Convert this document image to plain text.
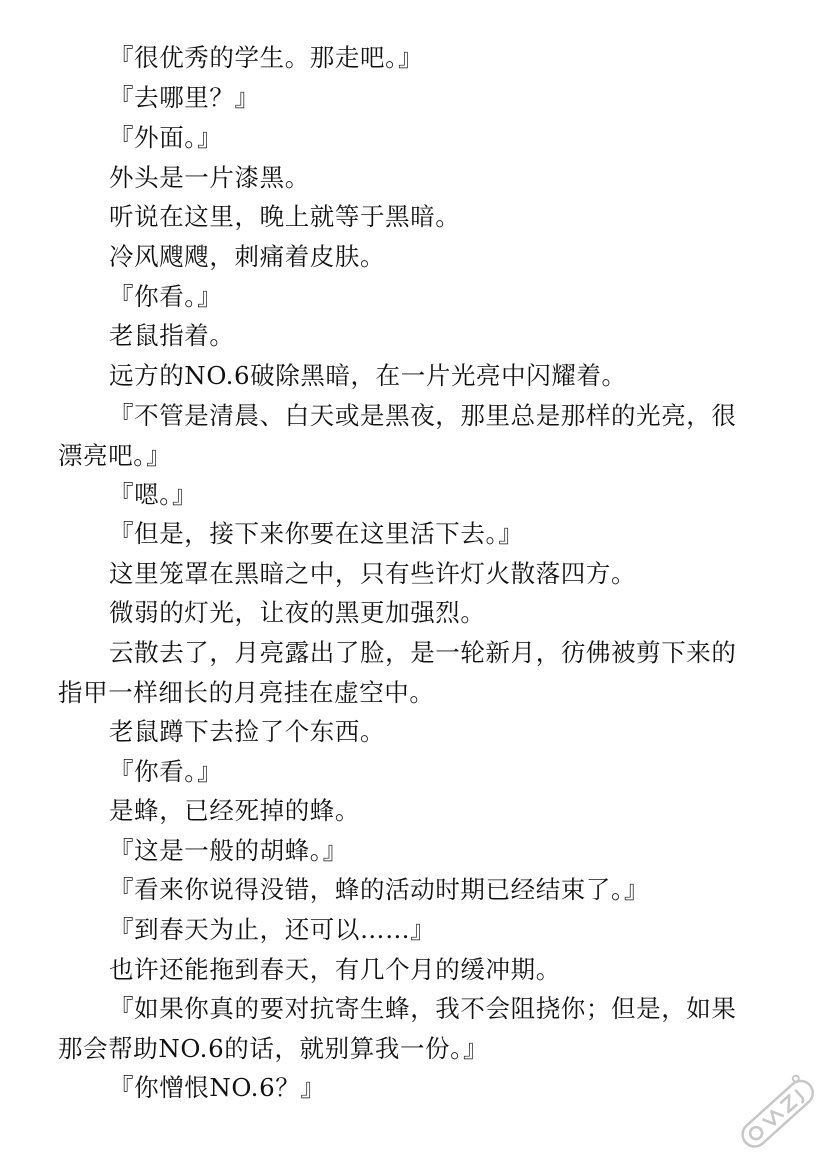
『很优秀的学生。那走吧。』

『去哪里？』

『外面。』

外头是一片漆黑。

听说在这里，晚上就等于黑暗。

冷风飕飕，刺痛着皮肤。

『你看。』

老鼠指着。

远方的NO.6破除黑暗，在一片光亮中闪耀着。

『不管是清晨、白天或是黑夜，那里总是那样的光亮，很漂亮吧。』

『嗯。』

『但是，接下来你要在这里活下去。』

这里笼罩在黑暗之中，只有些许灯火散落四方。

微弱的灯光，让夜的黑更加强烈。

云散去了，月亮露出了脸，是一轮新月，彷佛被剪下来的指甲一样细长的月亮挂在虚空中。

老鼠蹲下去捡了个东西。

『你看。』

是蜂，已经死掉的蜂。

『这是一般的胡蜂。』

『看来你说得没错，蜂的活动时期已经结束了。』

『到春天为止，还可以……』

也许还能拖到春天，有几个月的缓冲期。

『如果你真的要对抗寄生蜂，我不会阻挠你；但是，如果那会帮助NO.6的话，就别算我一份。』

『你憎恨NO.6？』
